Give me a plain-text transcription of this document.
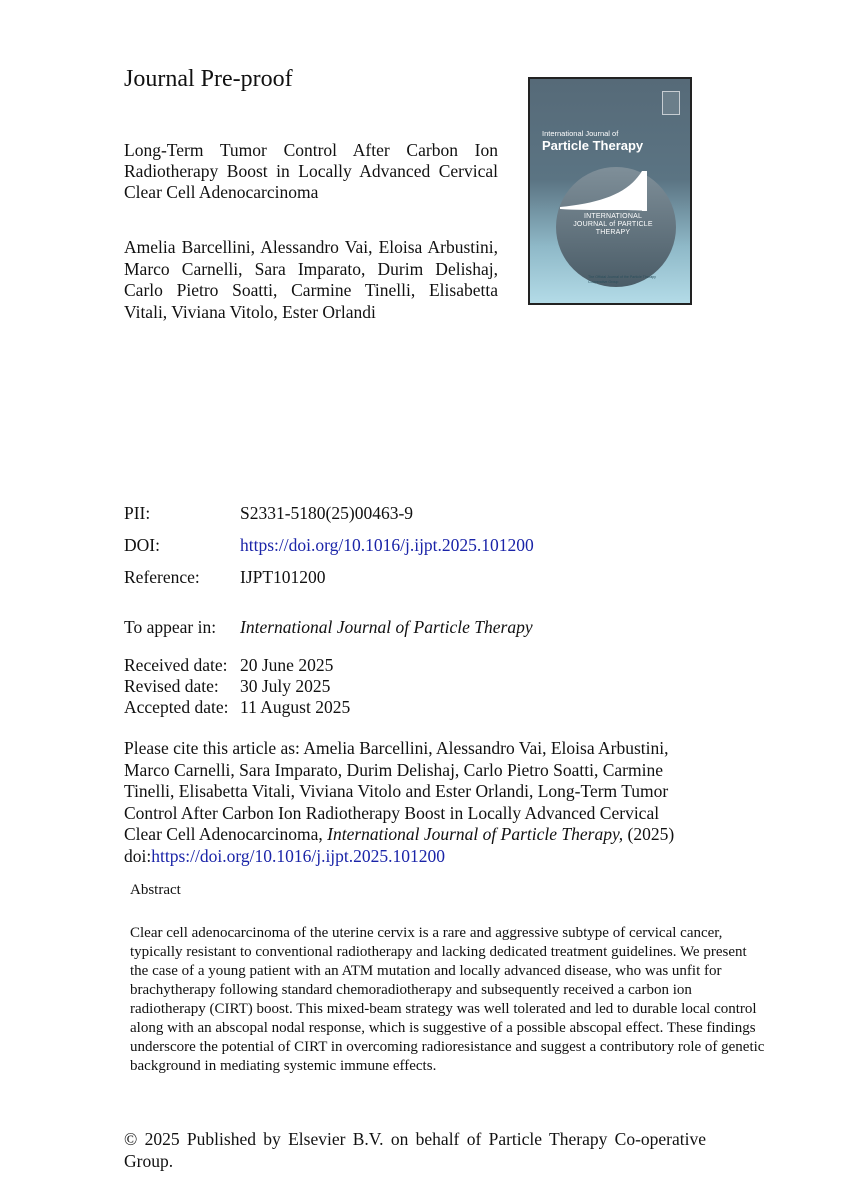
Journal Pre-proof
Long-Term Tumor Control After Carbon Ion Radiotherapy Boost in Locally Advanced Cervical Clear Cell Adenocarcinoma
Amelia Barcellini, Alessandro Vai, Eloisa Arbustini, Marco Carnelli, Sara Imparato, Durim Delishaj, Carlo Pietro Soatti, Carmine Tinelli, Elisabetta Vitali, Viviana Vitolo, Ester Orlandi
International Journal of
Particle Therapy
INTERNATIONAL JOURNAL of PARTICLE THERAPY
The Official Journal of the Particle Therapy Cooperative Group
PII:	S2331-5180(25)00463-9
DOI:	https://doi.org/10.1016/j.ijpt.2025.101200
Reference: IJPT101200
To appear in: International Journal of Particle Therapy
Received date: 20 June 2025
Revised date: 30 July 2025
Accepted date: 11 August 2025
Please cite this article as: Amelia Barcellini, Alessandro Vai, Eloisa Arbustini, Marco Carnelli, Sara Imparato, Durim Delishaj, Carlo Pietro Soatti, Carmine Tinelli, Elisabetta Vitali, Viviana Vitolo and Ester Orlandi, Long-Term Tumor Control After Carbon Ion Radiotherapy Boost in Locally Advanced Cervical Clear Cell Adenocarcinoma, International Journal of Particle Therapy, (2025)
doi:https://doi.org/10.1016/j.ijpt.2025.101200
Abstract
Clear cell adenocarcinoma of the uterine cervix is a rare and aggressive subtype of cervical cancer, typically resistant to conventional radiotherapy and lacking dedicated treatment guidelines. We present the case of a young patient with an ATM mutation and locally advanced disease, who was unfit for brachytherapy following standard chemoradiotherapy and subsequently received a carbon ion radiotherapy (CIRT) boost. This mixed-beam strategy was well tolerated and led to durable local control along with an abscopal nodal response, which is suggestive of a possible abscopal effect. These findings underscore the potential of CIRT in overcoming radioresistance and suggest a contributory role of genetic background in mediating systemic immune effects.
© 2025 Published by Elsevier B.V. on behalf of Particle Therapy Co-operative Group.
